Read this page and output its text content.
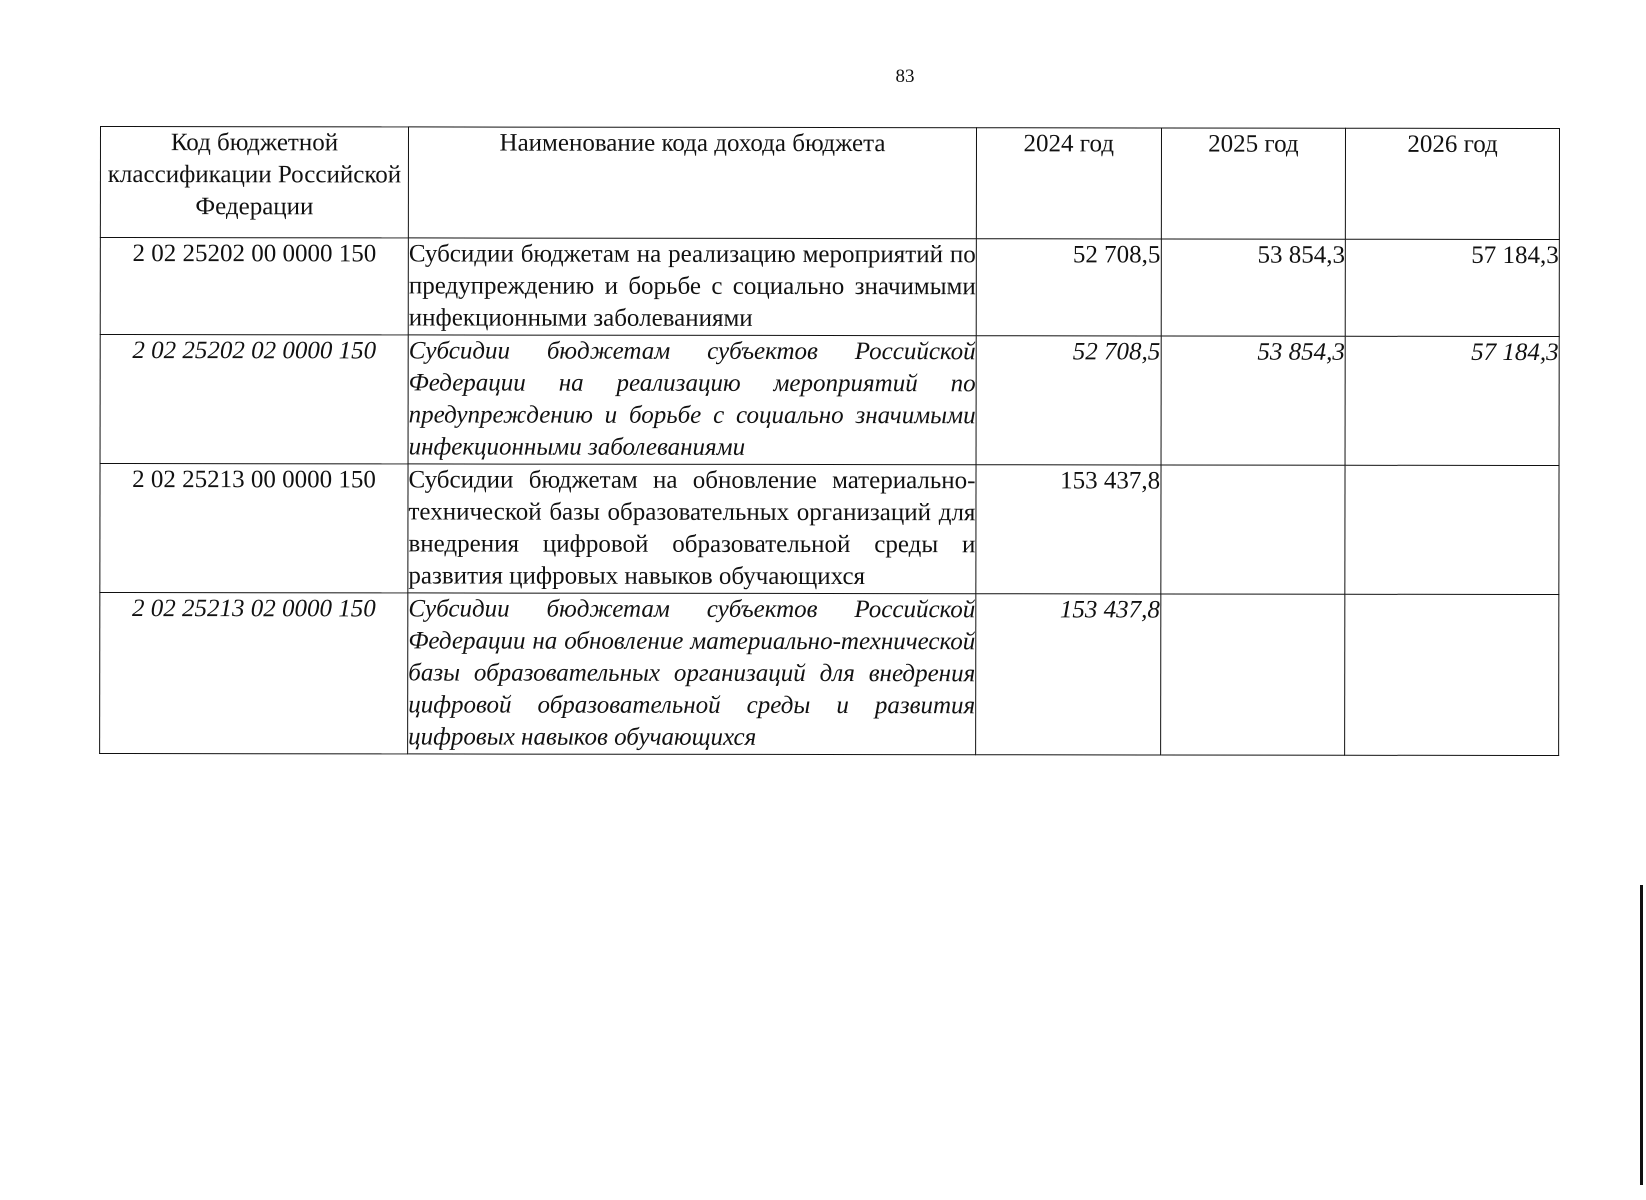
83
Код бюджетной классификации Российской Федерации	Наименование кода дохода бюджета	2024 год	2025 год	2026 год
2 02 25202 00 0000 150	Субсидии бюджетам на реализацию мероприятий по предупреждению и борьбе с социально значимыми инфекционными заболеваниями	52 708,5	53 854,3	57 184,3
2 02 25202 02 0000 150	Субсидии бюджетам субъектов Российской Федерации на реализацию мероприятий по предупреждению и борьбе с социально значимыми инфекционными заболеваниями	52 708,5	53 854,3	57 184,3
2 02 25213 00 0000 150	Субсидии бюджетам на обновление материально-технической базы образовательных организаций для внедрения цифровой образовательной среды и развития цифровых навыков обучающихся	153 437,8		
2 02 25213 02 0000 150	Субсидии бюджетам субъектов Российской Федерации на обновление материально-технической базы образовательных организаций для внедрения цифровой образовательной среды и развития цифровых навыков обучающихся	153 437,8		
